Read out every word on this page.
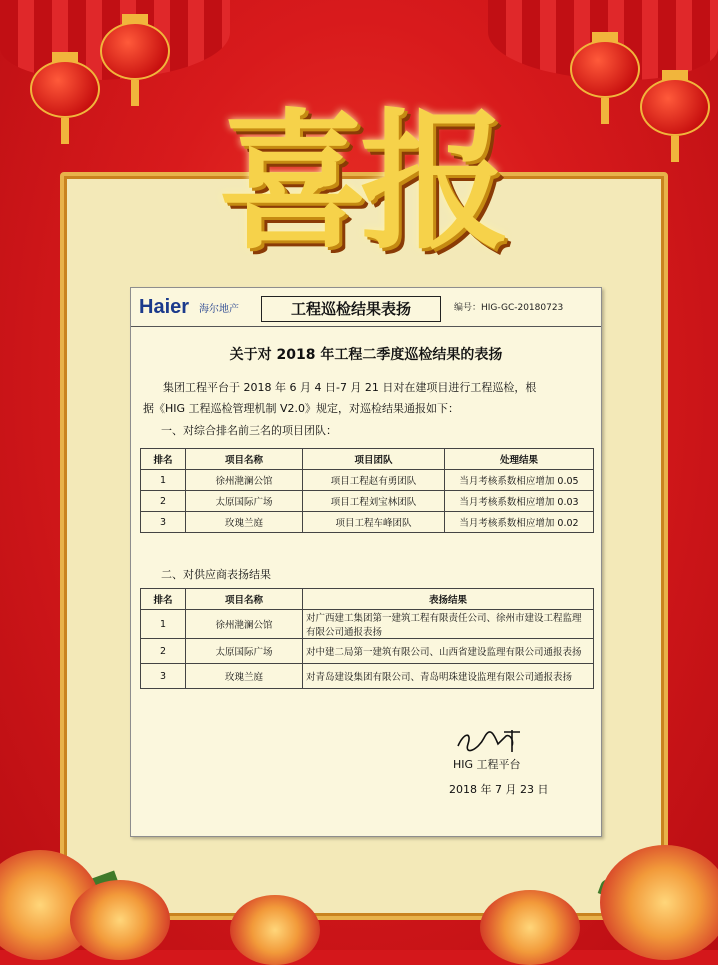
喜报
Haier 海尔地产	工程巡检结果表扬	编号：HIG-GC-20180723
关于对 2018 年工程二季度巡检结果的表扬
集团工程平台于 2018 年 6 月 4 日-7 月 21 日对在建项目进行工程巡检，根
据《HIG 工程巡检管理机制 V2.0》规定，对巡检结果通报如下：
一、对综合排名前三名的项目团队：
排名	项目名称	项目团队	处理结果
1	徐州滟澜公馆	项目工程赵有勇团队	当月考核系数相应增加 0.05
2	太原国际广场	项目工程刘宝林团队	当月考核系数相应增加 0.03
3	玫瑰兰庭	项目工程车峰团队	当月考核系数相应增加 0.02
二、对供应商表扬结果
排名	项目名称	表扬结果
1	徐州滟澜公馆	对广西建工集团第一建筑工程有限责任公司、徐州市建设工程监理有限公司通报表扬
2	太原国际广场	对中建二局第一建筑有限公司、山西省建设监理有限公司通报表扬
3	玫瑰兰庭	对青岛建设集团有限公司、青岛明珠建设监理有限公司通报表扬
HIG 工程平台
2018 年 7 月 23 日
